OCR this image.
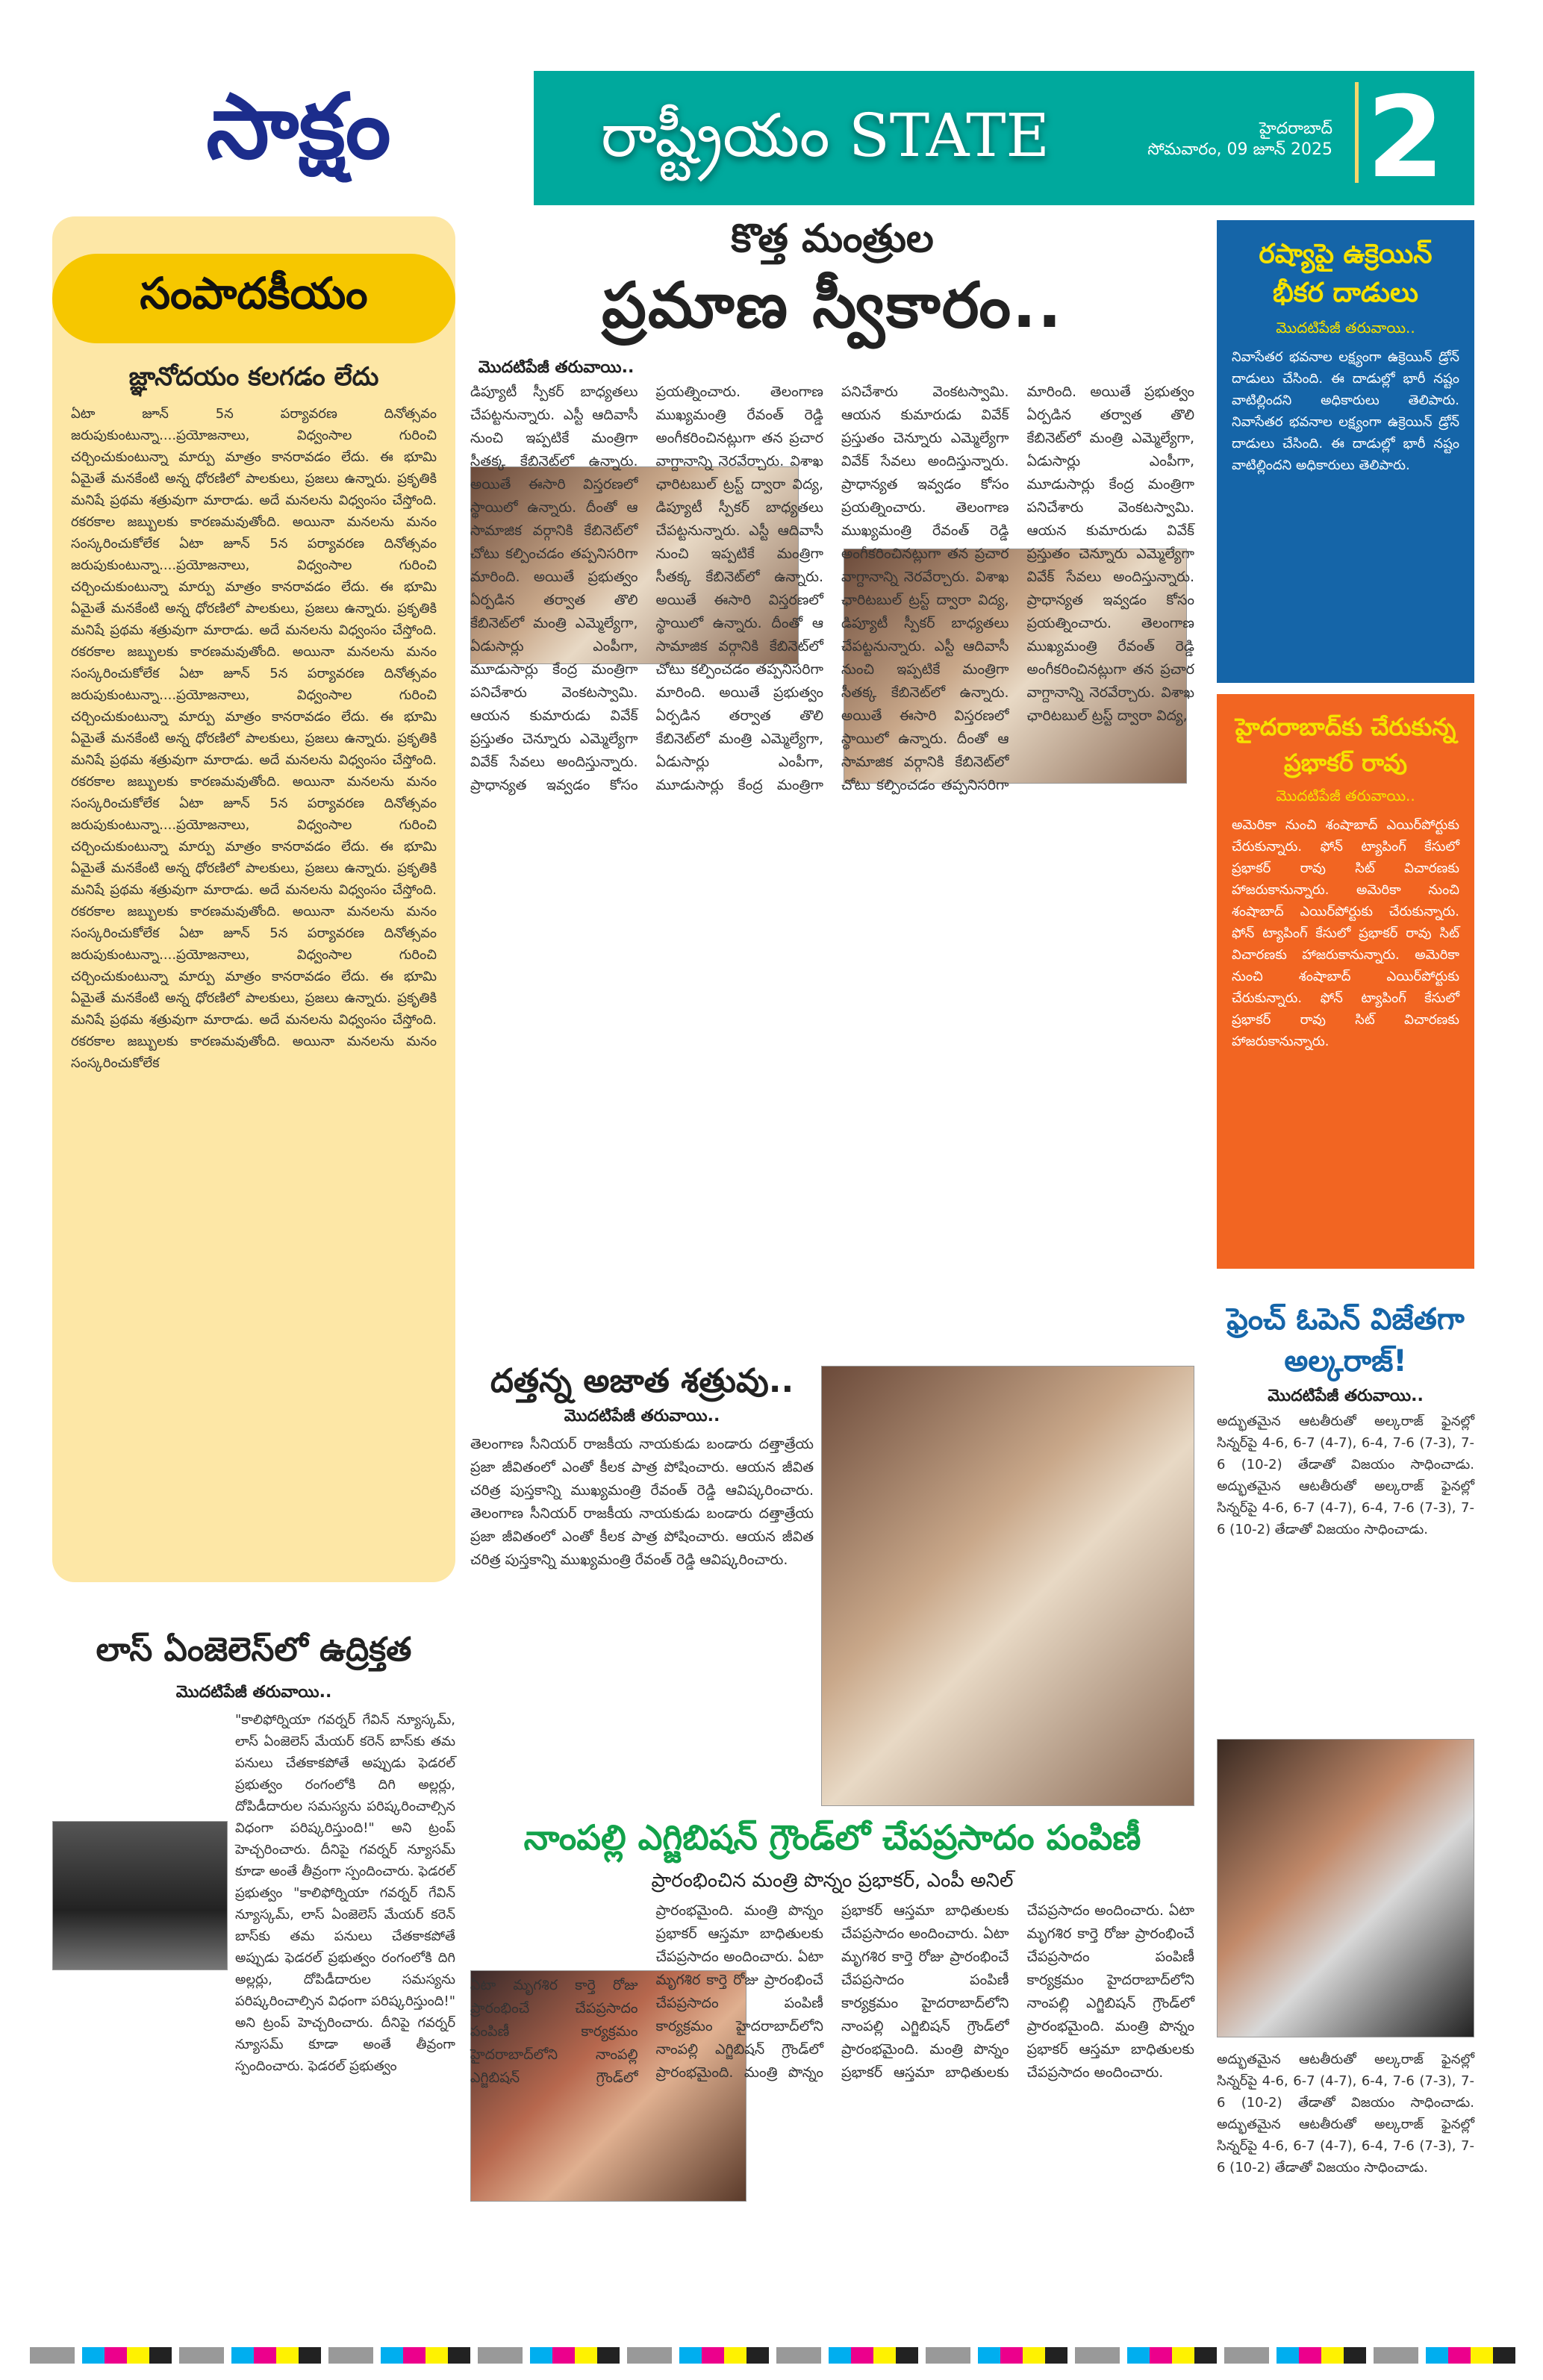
సాక్షం	రాష్ట్రీయం STATE	హైదరాబాద్
సోమవారం, 09 జూన్ 2025 2
సంపాదకీయం
జ్ఞానోదయం కలగడం లేదు
ఏటా జూన్ 5న పర్యావరణ దినోత్సవం జరుపుకుంటున్నా....ప్రయోజనాలు, విధ్వంసాల గురించి చర్చించుకుంటున్నా మార్పు మాత్రం కానరావడం లేదు. ఈ భూమి ఏమైతే మనకేంటి అన్న ధోరణిలో పాలకులు, ప్రజలు ఉన్నారు. ప్రకృతికి మనిషే ప్రథమ శత్రువుగా మారాడు. అదే మనలను విధ్వంసం చేస్తోంది. రకరకాల జబ్బులకు కారణమవుతోంది. అయినా మనలను మనం సంస్కరించుకోలేక ఏటా జూన్ 5న పర్యావరణ దినోత్సవం జరుపుకుంటున్నా....ప్రయోజనాలు, విధ్వంసాల గురించి చర్చించుకుంటున్నా మార్పు మాత్రం కానరావడం లేదు. ఈ భూమి ఏమైతే మనకేంటి అన్న ధోరణిలో పాలకులు, ప్రజలు ఉన్నారు. ప్రకృతికి మనిషే ప్రథమ శత్రువుగా మారాడు. అదే మనలను విధ్వంసం చేస్తోంది. రకరకాల జబ్బులకు కారణమవుతోంది. అయినా మనలను మనం సంస్కరించుకోలేక ఏటా జూన్ 5న పర్యావరణ దినోత్సవం జరుపుకుంటున్నా....ప్రయోజనాలు, విధ్వంసాల గురించి చర్చించుకుంటున్నా మార్పు మాత్రం కానరావడం లేదు. ఈ భూమి ఏమైతే మనకేంటి అన్న ధోరణిలో పాలకులు, ప్రజలు ఉన్నారు. ప్రకృతికి మనిషే ప్రథమ శత్రువుగా మారాడు. అదే మనలను విధ్వంసం చేస్తోంది. రకరకాల జబ్బులకు కారణమవుతోంది. అయినా మనలను మనం సంస్కరించుకోలేక ఏటా జూన్ 5న పర్యావరణ దినోత్సవం జరుపుకుంటున్నా....ప్రయోజనాలు, విధ్వంసాల గురించి చర్చించుకుంటున్నా మార్పు మాత్రం కానరావడం లేదు. ఈ భూమి ఏమైతే మనకేంటి అన్న ధోరణిలో పాలకులు, ప్రజలు ఉన్నారు. ప్రకృతికి మనిషే ప్రథమ శత్రువుగా మారాడు. అదే మనలను విధ్వంసం చేస్తోంది. రకరకాల జబ్బులకు కారణమవుతోంది. అయినా మనలను మనం సంస్కరించుకోలేక ఏటా జూన్ 5న పర్యావరణ దినోత్సవం జరుపుకుంటున్నా....ప్రయోజనాలు, విధ్వంసాల గురించి చర్చించుకుంటున్నా మార్పు మాత్రం కానరావడం లేదు. ఈ భూమి ఏమైతే మనకేంటి అన్న ధోరణిలో పాలకులు, ప్రజలు ఉన్నారు. ప్రకృతికి మనిషే ప్రథమ శత్రువుగా మారాడు. అదే మనలను విధ్వంసం చేస్తోంది. రకరకాల జబ్బులకు కారణమవుతోంది. అయినా మనలను మనం సంస్కరించుకోలేక
లాస్ ఏంజెలెస్‌లో ఉద్రిక్తత
మొదటిపేజీ తరువాయి..
"కాలిఫోర్నియా గవర్నర్ గేవిన్ న్యూస్కమ్, లాస్ ఏంజెలెస్ మేయర్ కరెన్ బాస్‌కు తమ పనులు చేతకాకపోతే అప్పుడు ఫెడరల్ ప్రభుత్వం రంగంలోకి దిగి అల్లర్లు, దోపిడీదారుల సమస్యను పరిష్కరించాల్సిన విధంగా పరిష్కరిస్తుంది!" అని ట్రంప్ హెచ్చరించారు. దీనిపై గవర్నర్ న్యూసమ్ కూడా అంతే తీవ్రంగా స్పందించారు. ఫెడరల్ ప్రభుత్వం "కాలిఫోర్నియా గవర్నర్ గేవిన్ న్యూస్కమ్, లాస్ ఏంజెలెస్ మేయర్ కరెన్ బాస్‌కు తమ పనులు చేతకాకపోతే అప్పుడు ఫెడరల్ ప్రభుత్వం రంగంలోకి దిగి అల్లర్లు, దోపిడీదారుల సమస్యను పరిష్కరించాల్సిన విధంగా పరిష్కరిస్తుంది!" అని ట్రంప్ హెచ్చరించారు. దీనిపై గవర్నర్ న్యూసమ్ కూడా అంతే తీవ్రంగా స్పందించారు. ఫెడరల్ ప్రభుత్వం
కొత్త మంత్రుల
ప్రమాణ స్వీకారం..
మొదటిపేజీ తరువాయి..
డిప్యూటీ స్పీకర్ బాధ్యతలు చేపట్టనున్నారు. ఎస్టీ ఆదివాసీ నుంచి ఇప్పటికే మంత్రిగా సీతక్క కేబినెట్‌లో ఉన్నారు. అయితే ఈసారి విస్తరణలో స్థాయిలో ఉన్నారు. దీంతో ఆ సామాజిక వర్గానికి కేబినెట్‌లో చోటు కల్పించడం తప్పనిసరిగా మారింది. అయితే ప్రభుత్వం ఏర్పడిన తర్వాత తొలి కేబినెట్‌లో మంత్రి ఎమ్మెల్యేగా, ఏడుసార్లు ఎంపీగా, మూడుసార్లు కేంద్ర మంత్రిగా పనిచేశారు వెంకటస్వామి. ఆయన కుమారుడు వివేక్ ప్రస్తుతం చెన్నూరు ఎమ్మెల్యేగా వివేక్ సేవలు అందిస్తున్నారు. ప్రాధాన్యత ఇవ్వడం కోసం ప్రయత్నించారు. తెలంగాణ ముఖ్యమంత్రి రేవంత్ రెడ్డి అంగీకరించినట్లుగా తన ప్రచార వాగ్దానాన్ని నెరవేర్చారు. విశాఖ ఛారిటబుల్ ట్రస్ట్ ద్వారా విద్య, డిప్యూటీ స్పీకర్ బాధ్యతలు చేపట్టనున్నారు. ఎస్టీ ఆదివాసీ నుంచి ఇప్పటికే మంత్రిగా సీతక్క కేబినెట్‌లో ఉన్నారు. అయితే ఈసారి విస్తరణలో స్థాయిలో ఉన్నారు. దీంతో ఆ సామాజిక వర్గానికి కేబినెట్‌లో చోటు కల్పించడం తప్పనిసరిగా మారింది. అయితే ప్రభుత్వం ఏర్పడిన తర్వాత తొలి కేబినెట్‌లో మంత్రి ఎమ్మెల్యేగా, ఏడుసార్లు ఎంపీగా, మూడుసార్లు కేంద్ర మంత్రిగా పనిచేశారు వెంకటస్వామి. ఆయన కుమారుడు వివేక్ ప్రస్తుతం చెన్నూరు ఎమ్మెల్యేగా వివేక్ సేవలు అందిస్తున్నారు. ప్రాధాన్యత ఇవ్వడం కోసం ప్రయత్నించారు. తెలంగాణ ముఖ్యమంత్రి రేవంత్ రెడ్డి అంగీకరించినట్లుగా తన ప్రచార వాగ్దానాన్ని నెరవేర్చారు. విశాఖ ఛారిటబుల్ ట్రస్ట్ ద్వారా విద్య, డిప్యూటీ స్పీకర్ బాధ్యతలు చేపట్టనున్నారు. ఎస్టీ ఆదివాసీ నుంచి ఇప్పటికే మంత్రిగా సీతక్క కేబినెట్‌లో ఉన్నారు. అయితే ఈసారి విస్తరణలో స్థాయిలో ఉన్నారు. దీంతో ఆ సామాజిక వర్గానికి కేబినెట్‌లో చోటు కల్పించడం తప్పనిసరిగా మారింది. అయితే ప్రభుత్వం ఏర్పడిన తర్వాత తొలి కేబినెట్‌లో మంత్రి ఎమ్మెల్యేగా, ఏడుసార్లు ఎంపీగా, మూడుసార్లు కేంద్ర మంత్రిగా పనిచేశారు వెంకటస్వామి. ఆయన కుమారుడు వివేక్ ప్రస్తుతం చెన్నూరు ఎమ్మెల్యేగా వివేక్ సేవలు అందిస్తున్నారు. ప్రాధాన్యత ఇవ్వడం కోసం ప్రయత్నించారు. తెలంగాణ ముఖ్యమంత్రి రేవంత్ రెడ్డి అంగీకరించినట్లుగా తన ప్రచార వాగ్దానాన్ని నెరవేర్చారు. విశాఖ ఛారిటబుల్ ట్రస్ట్ ద్వారా విద్య,
దత్తన్న అజాత శత్రువు..
మొదటిపేజీ తరువాయి..
తెలంగాణ సీనియర్ రాజకీయ నాయకుడు బండారు దత్తాత్రేయ ప్రజా జీవితంలో ఎంతో కీలక పాత్ర పోషించారు. ఆయన జీవిత చరిత్ర పుస్తకాన్ని ముఖ్యమంత్రి రేవంత్ రెడ్డి ఆవిష్కరించారు. తెలంగాణ సీనియర్ రాజకీయ నాయకుడు బండారు దత్తాత్రేయ ప్రజా జీవితంలో ఎంతో కీలక పాత్ర పోషించారు. ఆయన జీవిత చరిత్ర పుస్తకాన్ని ముఖ్యమంత్రి రేవంత్ రెడ్డి ఆవిష్కరించారు.
నాంపల్లి ఎగ్జిబిషన్ గ్రౌండ్‌లో చేపప్రసాదం పంపిణీ
ప్రారంభించిన మంత్రి పొన్నం ప్రభాకర్, ఎంపీ అనిల్
ఏటా మృగశిర కార్తె రోజు ప్రారంభించే చేపప్రసాదం పంపిణీ కార్యక్రమం హైదరాబాద్‌లోని నాంపల్లి ఎగ్జిబిషన్ గ్రౌండ్‌లో ప్రారంభమైంది. మంత్రి పొన్నం ప్రభాకర్ ఆస్తమా బాధితులకు చేపప్రసాదం అందించారు. ఏటా మృగశిర కార్తె రోజు ప్రారంభించే చేపప్రసాదం పంపిణీ కార్యక్రమం హైదరాబాద్‌లోని నాంపల్లి ఎగ్జిబిషన్ గ్రౌండ్‌లో ప్రారంభమైంది. మంత్రి పొన్నం ప్రభాకర్ ఆస్తమా బాధితులకు చేపప్రసాదం అందించారు. ఏటా మృగశిర కార్తె రోజు ప్రారంభించే చేపప్రసాదం పంపిణీ కార్యక్రమం హైదరాబాద్‌లోని నాంపల్లి ఎగ్జిబిషన్ గ్రౌండ్‌లో ప్రారంభమైంది. మంత్రి పొన్నం ప్రభాకర్ ఆస్తమా బాధితులకు చేపప్రసాదం అందించారు. ఏటా మృగశిర కార్తె రోజు ప్రారంభించే చేపప్రసాదం పంపిణీ కార్యక్రమం హైదరాబాద్‌లోని నాంపల్లి ఎగ్జిబిషన్ గ్రౌండ్‌లో ప్రారంభమైంది. మంత్రి పొన్నం ప్రభాకర్ ఆస్తమా బాధితులకు చేపప్రసాదం అందించారు.
రష్యాపై ఉక్రెయిన్ భీకర దాడులు
మొదటిపేజీ తరువాయి..
నివాసేతర భవనాల లక్ష్యంగా ఉక్రెయిన్ డ్రోన్ దాడులు చేసింది. ఈ దాడుల్లో భారీ నష్టం వాటిల్లిందని అధికారులు తెలిపారు. నివాసేతర భవనాల లక్ష్యంగా ఉక్రెయిన్ డ్రోన్ దాడులు చేసింది. ఈ దాడుల్లో భారీ నష్టం వాటిల్లిందని అధికారులు తెలిపారు.
హైదరాబాద్‌కు చేరుకున్న ప్రభాకర్ రావు
మొదటిపేజీ తరువాయి..
అమెరికా నుంచి శంషాబాద్ ఎయిర్‌పోర్టుకు చేరుకున్నారు. ఫోన్ ట్యాపింగ్ కేసులో ప్రభాకర్ రావు సిట్ విచారణకు హాజరుకానున్నారు. అమెరికా నుంచి శంషాబాద్ ఎయిర్‌పోర్టుకు చేరుకున్నారు. ఫోన్ ట్యాపింగ్ కేసులో ప్రభాకర్ రావు సిట్ విచారణకు హాజరుకానున్నారు. అమెరికా నుంచి శంషాబాద్ ఎయిర్‌పోర్టుకు చేరుకున్నారు. ఫోన్ ట్యాపింగ్ కేసులో ప్రభాకర్ రావు సిట్ విచారణకు హాజరుకానున్నారు.
ఫ్రెంచ్ ఓపెన్ విజేతగా అల్కరాజ్!
మొదటిపేజీ తరువాయి..
అద్భుతమైన ఆటతీరుతో అల్కరాజ్ ఫైనల్లో సిన్నర్‌పై 4-6, 6-7 (4-7), 6-4, 7-6 (7-3), 7-6 (10-2) తేడాతో విజయం సాధించాడు. అద్భుతమైన ఆటతీరుతో అల్కరాజ్ ఫైనల్లో సిన్నర్‌పై 4-6, 6-7 (4-7), 6-4, 7-6 (7-3), 7-6 (10-2) తేడాతో విజయం సాధించాడు.
అద్భుతమైన ఆటతీరుతో అల్కరాజ్ ఫైనల్లో సిన్నర్‌పై 4-6, 6-7 (4-7), 6-4, 7-6 (7-3), 7-6 (10-2) తేడాతో విజయం సాధించాడు. అద్భుతమైన ఆటతీరుతో అల్కరాజ్ ఫైనల్లో సిన్నర్‌పై 4-6, 6-7 (4-7), 6-4, 7-6 (7-3), 7-6 (10-2) తేడాతో విజయం సాధించాడు.
